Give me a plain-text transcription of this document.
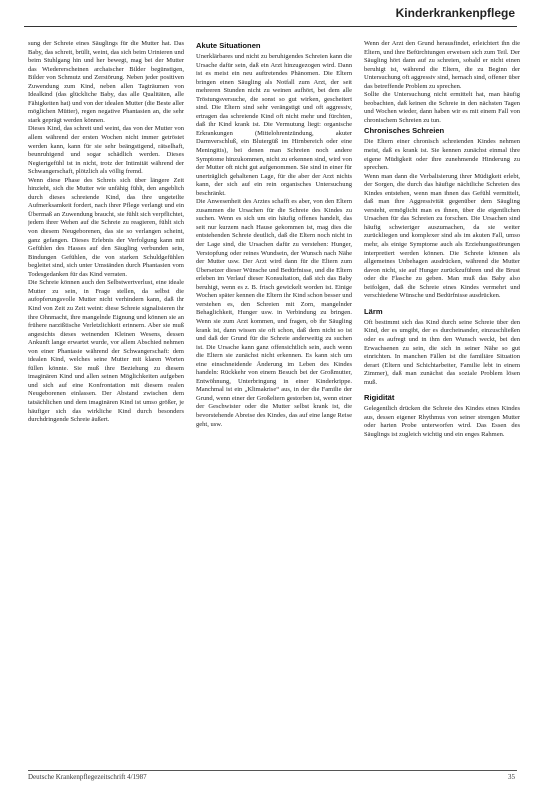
Kinderkrankenpflege

sung der Schreie eines Säuglings für die Mutter hat. Das Baby, das schreit, brüllt, weint, das sich beim Urinieren und beim Stuhlgang hin und her bewegt, mag bei der Mutter das Wiedererscheinen archaischer Bilder begünstigen, Bilder von Schmutz und Zerstörung. Neben jeder positiven Zuwendung zum Kind, neben allen Tagträumen von Idealkind (das glückliche Baby, das alle Qualitäten, alle Fähigkeiten hat) und von der idealen Mutter (die Beste aller möglichen Mütter), regen negative Phantasien an, die sehr stark geprägt werden können.

Dieses Kind, das schreit und weint, das von der Mutter von allem während der ersten Wochen nicht immer getröstet werden kann, kann für sie sehr beängstigend, rätselhaft, beunruhigend und sogar schädlich werden. Dieses Negiertgefühl ist in nicht, trotz der Intimität während der Schwangerschaft, plötzlich als völlig fremd.

Wenn diese Phase des Schreis sich über längere Zeit hinzieht, sich die Mutter wie unfähig fühlt, den angeblich durch dieses schreiende Kind, das ihre ungeteilte Aufmerksamkeit fordert, nach ihrer Pflege verlangt und ein Übermaß an Zuwendung braucht, sie fühlt sich verpflichtet, jedem ihrer Wehen auf die Schreie zu reagieren, fühlt sich von diesem Neugeborenen, das sie so verlangen scheint, ganz gefangen. Dieses Erlebnis der Verfolgung kann mit Gefühlen des Hasses auf den Säugling verbunden sein, Bindungen Gefühlen, die von starken Schuldgefühlen begleitet sind, sich unter Umständen durch Phantasien vom Todesgedanken für das Kind verraten.

Die Schreie können auch den Selbstwertverlust, eine ideale Mutter zu sein, in Frage stellen, da selbst die aufopferungsvolle Mutter nicht verhindern kann, daß ihr Kind von Zeit zu Zeit weint: diese Schreie signalisieren ihr ihre Ohnmacht, ihre mangelnde Eignung und können sie an frühere narzißtische Verletzlichkeit erinnern. Aber sie muß angesichts dieses weinenden Kleinen Wesens, dessen Ankunft lange erwartet wurde, vor allem Abschied nehmen von einer Phantasie während der Schwangerschaft: dem idealen Kind, welches seine Mutter mit klaren Worten füllen könnte. Sie muß ihre Beziehung zu diesem imaginären Kind und allen seinen Möglichkeiten aufgeben und sich auf eine Konfrontation mit diesem realen Neugeborenen einlassen. Der Abstand zwischen dem tatsächlichen und dem imaginären Kind ist umso größer, je häufiger sich das wirkliche Kind durch besonders durchdringende Schreie äußert.

Akute Situationen

Unerklärbares und nicht zu beruhigendes Schreien kann die Ursache dafür sein, daß ein Arzt hinzugezogen wird. Dann ist es meist ein neu auftretendes Phänomen. Die Eltern bringen einen Säugling als Notfall zum Arzt, der seit mehreren Stunden nicht zu weinen aufhört, bei dem alle Tröstungsversuche, die sonst so gut wirken, gescheitert sind. Die Eltern sind sehr verängstigt und oft aggressiv, ertragen das schreiende Kind oft nicht mehr und fürchten, daß ihr Kind krank ist. Die Vermutung liegt: organische Erkrankungen (Mittelohrentzündung, akuter Darmverschluß, ein Blutergüß im Hirnbereich oder eine Meningitis), bei denen man Schreien noch andere Symptome hinzukommen, nicht zu erkennen sind, wird von der Mutter oft nicht gut aufgenommen. Sie sind in einer für unerträglich gehaltenen Lage, für die aber der Arzt nichts kann, der sich auf ein rein organisches Untersuchung beschränkt.

Die Anwesenheit des Arztes schafft es aber, von den Eltern zusammen die Ursachen für die Schreie des Kindes zu suchen. Wenn es sich um ein häufig offenes handelt, das seit nur kurzem nach Hause gekommen ist, mag dies die entstehenden Schreie deutlich, daß die Eltern noch nicht in der Lage sind, die Ursachen dafür zu verstehen: Hunger, Verstopfung oder reines Wundsein, der Wunsch nach Nähe der Mutter usw. Der Arzt wird dann für die Eltern zum Übersetzer dieser Wünsche und Bedürfnisse, und die Eltern erleben im Verlauf dieser Konsultation, daß sich das Baby beruhigt, wenn es z. B. frisch gewickelt worden ist. Einige Wochen später kennen die Eltern ihr Kind schon besser und verstehen es, den Schreien mit Zorn, mangelnder Behaglichkeit, Hunger usw. in Verbindung zu bringen. Wenn sie zum Arzt kommen, und fragen, ob ihr Säugling krank ist, dann wissen sie oft schon, daß dem nicht so ist und daß der Grund für die Schreie anderweitig zu suchen ist. Die Ursache kann ganz offensichtlich sein, auch wenn die Eltern sie zunächst nicht erkennen. Es kann sich um eine einschneidende Änderung im Leben des Kindes handeln: Rückkehr von einem Besuch bei der Großmutter, Entwöhnung, Unterbringung in einer Kinderkrippe. Manchmal ist ein „Klimakrise“ aus, in der die Familie der Grund, wenn einer der Großeltern gestorben ist, wenn einer der Geschwister oder die Mutter selbst krank ist, die bevorstehende Abreise des Kindes, das auf eine lange Reise geht, usw.

Wenn der Arzt den Grund herausfindet, erleichtert ihn die Eltern, und ihre Befürchtungen erweisen sich zum Teil. Der Säugling hört dann auf zu schreien, sobald er nicht einen beruhigt ist, während die Eltern, die zu Beginn der Untersuchung oft aggressiv sind, hernach sind, offener über das betreffende Problem zu sprechen.

Sollte die Untersuchung nicht ermittelt hat, man häufig beobachten, daß keinen die Schreie in den nächsten Tagen und Wochen wieder, dann haben wir es mit einem Fall von chronischem Schreien zu tun.

Chronisches Schreien

Die Eltern einer chronisch schreienden Kindes nehmen meist, daß es krank ist. Sie kennen zunächst einmal ihre eigene Müdigkeit oder ihre zunehmende Hinderung zu sprechen.

Wenn man dann die Verbalisierung ihrer Müdigkeit erlebt, der Sorgen, die durch das häufige nächtliche Schreien des Kindes entstehen, wenn man ihnen das Gefühl vermittelt, daß man ihre Aggressivität gegenüber dem Säugling versteht, ermöglicht man es ihnen, über die eigentlichen Ursachen für das Schreien zu forschen. Die Ursachen sind häufig schwieriger auszumachen, da sie weiter zurückliegen und komplexer sind als im akuten Fall, umso mehr, als einige Symptome auch als Erziehungsstörungen interpretiert werden können. Die Schreie können als allgemeines Unbehagen ausdrücken, während die Mutter davon nicht, sie auf Hunger zurückzuführen und die Brust oder die Flasche zu geben. Man muß das Baby also beifolgen, daß die Schreie eines Kindes vermehrt und verschiedene Wünsche und Bedürfnisse ausdrücken.

Lärm

Oft bestimmt sich das Kind durch seine Schreie über den Kind, der es umgibt, der es durcheinander, einzuschließen oder es aufregt und in ihm den Wunsch weckt, bei den Erwachsenen zu sein, die sich in seiner Nähe so gut einrichten. In manchen Fällen ist die familiäre Situation derart (Eltern und Schichtarbeiter, Familie lebt in einem Zimmer), daß man zunächst das soziale Problem lösen muß.

Rigidität

Gelegentlich drücken die Schreie des Kindes eines Kindes aus, dessen eigener Rhythmus von seiner strengen Mutter oder harten Probe unterworfen wird. Das Essen des Säuglings ist zugleich wichtig und ein enges Rahmen.

Deutsche Krankenpflegezeitschrift 4/1987	35
